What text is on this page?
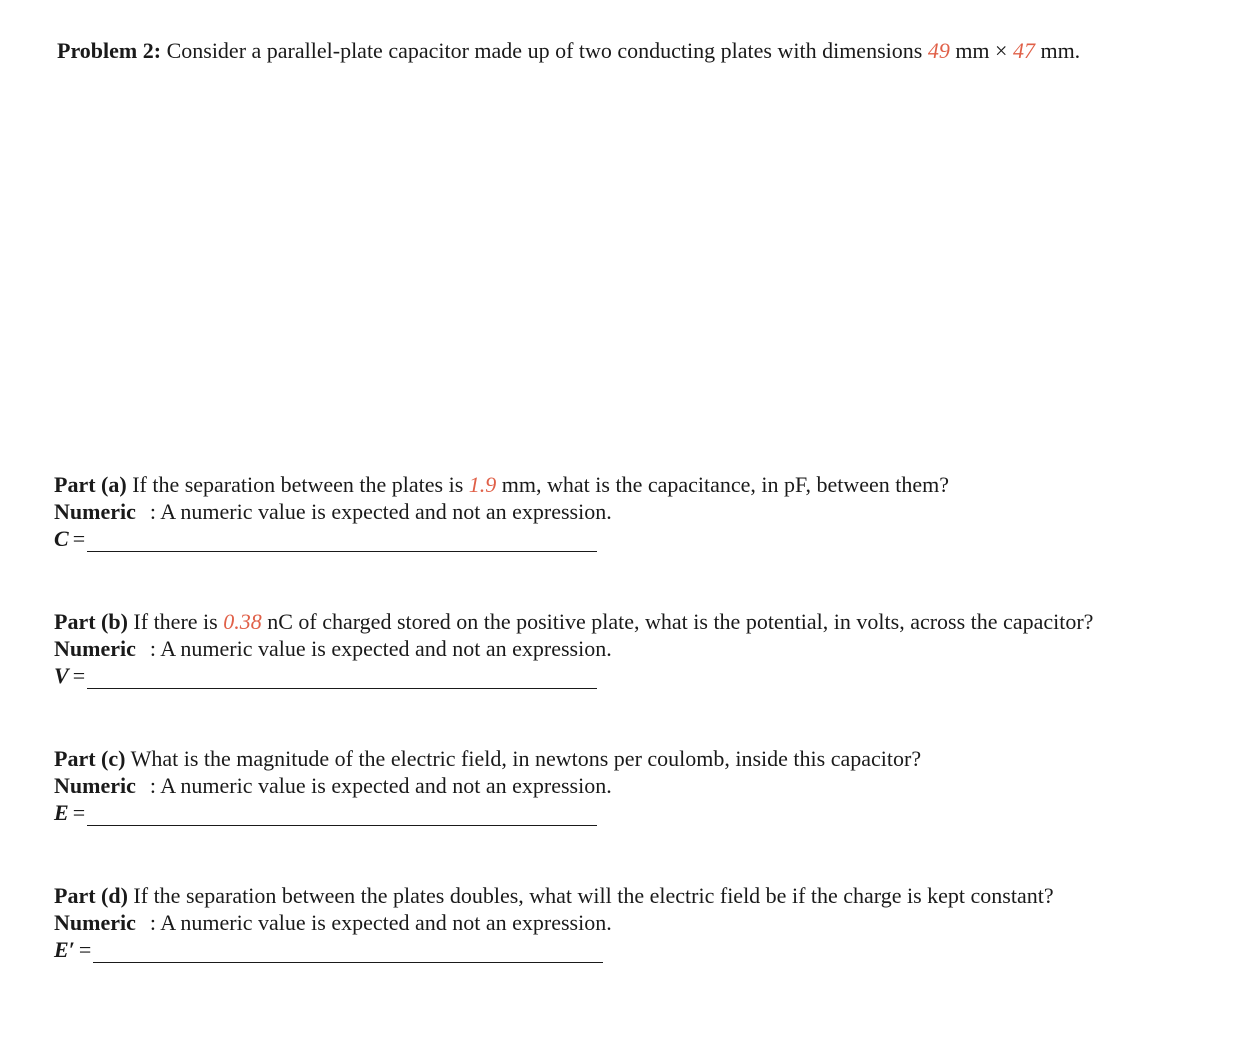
Problem 2: Consider a parallel-plate capacitor made up of two conducting plates with dimensions 49 mm × 47 mm.
Part (a) If the separation between the plates is 1.9 mm, what is the capacitance, in pF, between them?
Numeric : A numeric value is expected and not an expression.
C =
Part (b) If there is 0.38 nC of charged stored on the positive plate, what is the potential, in volts, across the capacitor?
Numeric : A numeric value is expected and not an expression.
V =
Part (c) What is the magnitude of the electric field, in newtons per coulomb, inside this capacitor?
Numeric : A numeric value is expected and not an expression.
E =
Part (d) If the separation between the plates doubles, what will the electric field be if the charge is kept constant?
Numeric : A numeric value is expected and not an expression.
E′ =
